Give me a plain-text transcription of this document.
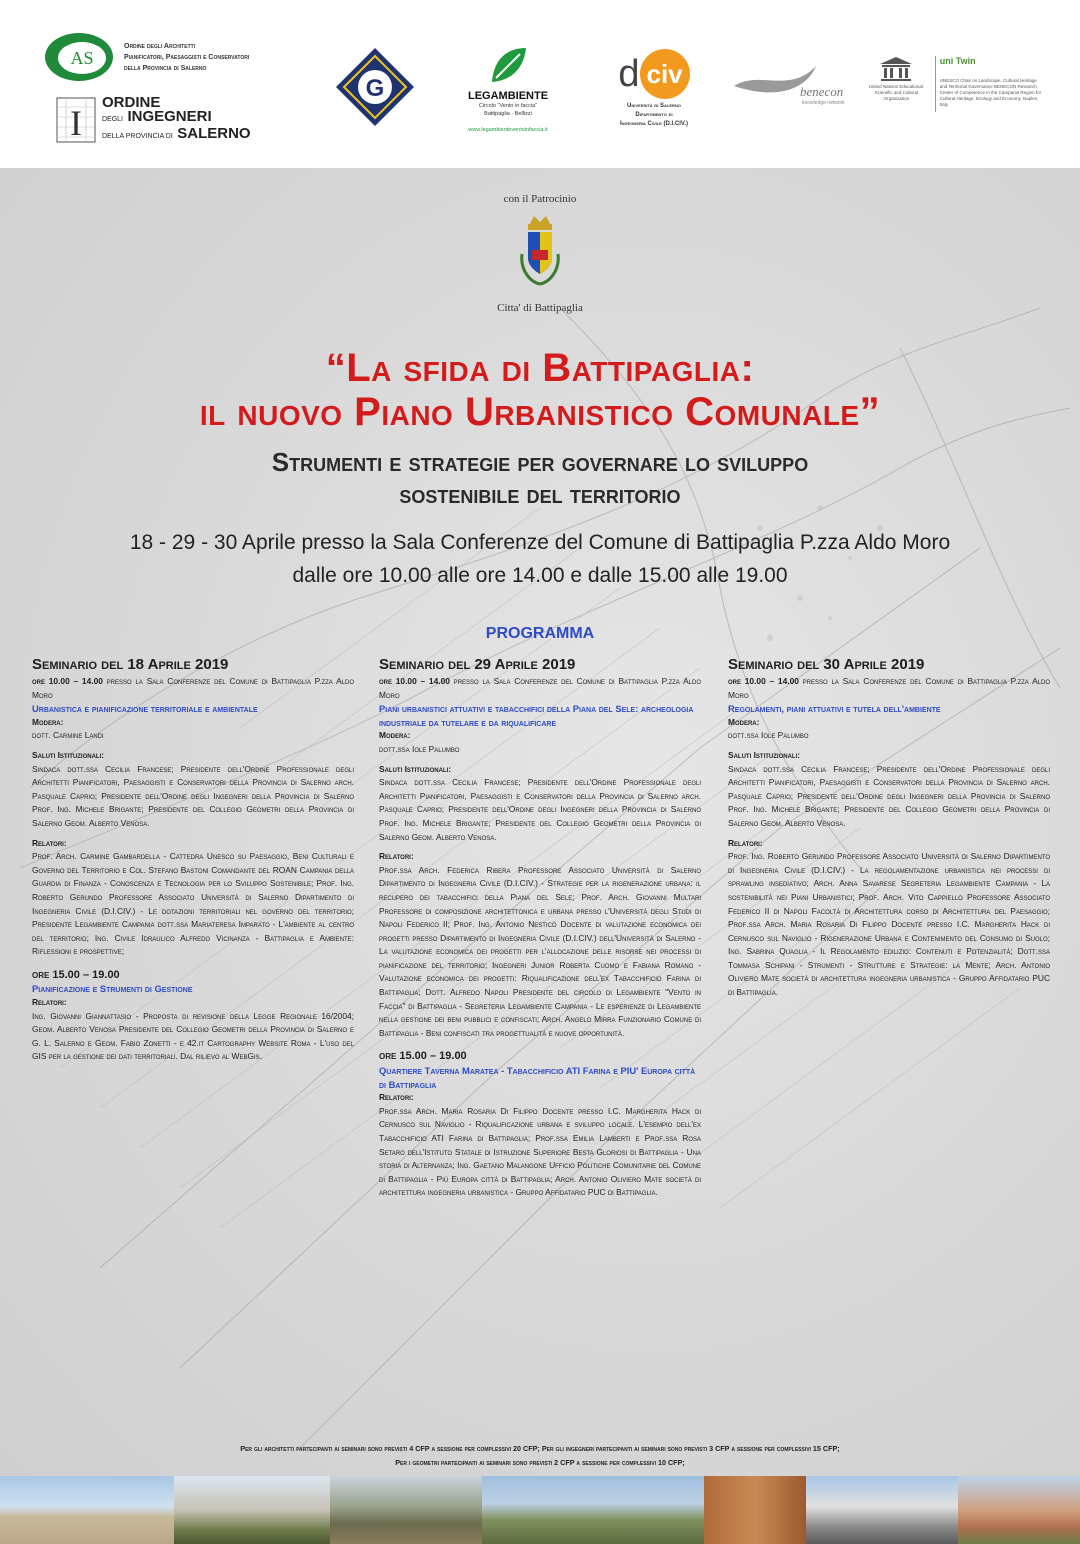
AS
Ordine degli Architetti
Pianificatori, Paesaggisti e Conservatori
della Provincia di Salerno
I
ORDINE
DEGLI INGEGNERI
DELLA PROVINCIA DI SALERNO
G	LEGAMBIENTE
Circolo "Vento in faccia"
Battipaglia - Bellizzi
www.legambienteventoinfaccia.it
d civ
Università di Salerno
Dipartimento di
Ingegneria Civile (D.I.CIV.)
benecon
knowledge network
United Nations Educational, Scientific and Cultural Organization
uni Twin
UNESCO Chair on Landscape, Cultural Heritage and Territorial Governance BENECON Research Center of Competence in the Campania Region for Cultural Heritage, Ecology and Economy, Naples, Italy
con il Patrocinio
Citta' di Battipaglia
“La sfida di Battipaglia:
il nuovo Piano Urbanistico Comunale”
Strumenti e strategie per governare lo sviluppo
sostenibile del territorio
18 - 29 - 30 Aprile presso la Sala Conferenze del Comune di Battipaglia P.zza Aldo Moro
dalle ore 10.00 alle ore 14.00 e dalle 15.00 alle 19.00
PROGRAMMA
Seminario del 18 Aprile 2019

ore 10.00 – 14.00 presso la Sala Conferenze del Comune di Battipaglia P.zza Aldo Moro

Urbanistica e pianificazione territoriale e ambientale
Modera:
dott. Carmine Landi
Saluti Istituzionali:

Sindaca dott.ssa Cecilia Francese; Presidente dell'Ordine Professionale degli Architetti Pianificatori, Paesaggisti e Conservatori della Provincia di Salerno arch. Pasquale Caprio; Presidente dell'Ordine degli Ingegneri della Provincia di Salerno Prof. Ing. Michele Brigante; Presidente del Collegio Geometri della Provincia di Salerno Geom. Alberto Venosa.

Relatori:

Prof. Arch. Carmine Gambardella - Cattedra Unesco su Paesaggio, Beni Culturali e Governo del Territorio e Col. Stefano Bastoni Comandante del ROAN Campania della Guardia di Finanza - Conoscenza e Tecnologia per lo Sviluppo Sostenibile; Prof. Ing. Roberto Gerundo Professore Associato Università di Salerno Dipartimento di Ingegneria Civile (D.I.CIV.) - Le dotazioni territoriali nel governo del territorio; Presidente Legambiente Campania dott.ssa Mariateresa Imparato - L'ambiente al centro del territorio; Ing. Civile Idraulico Alfredo Vicinanza - Battipaglia e Ambiente: Riflessioni e prospettive;

ore 15.00 – 19.00
Pianificazione e Strumenti di Gestione
Relatori:

Ing. Giovanni Giannattasio - Proposta di revisione della Legge Regionale 16/2004; Geom. Alberto Venosa Presidente del Collegio Geometri della Provincia di Salerno e G. L. Salerno e Geom. Fabio Zonetti - e 42.it Cartography Website Roma - L'uso del GIS per la gestione dei dati territoriali. Dal rilievo al WebGis.

Seminario del 29 Aprile 2019

ore 10.00 – 14.00 presso la Sala Conferenze del Comune di Battipaglia P.zza Aldo Moro

Piani urbanistici attuativi e tabacchifici della Piana del Sele: archeologia industriale da tutelare e da riqualificare
Modera:
dott.ssa Iole Palumbo
Saluti Istituzionali:

Sindaca dott.ssa Cecilia Francese; Presidente dell'Ordine Professionale degli Architetti Pianificatori, Paesaggisti e Conservatori della Provincia di Salerno arch. Pasquale Caprio; Presidente dell'Ordine degli Ingegneri della Provincia di Salerno Prof. Ing. Michele Brigante; Presidente del Collegio Geometri della Provincia di Salerno Geom. Alberto Venosa.

Relatori:

Prof.ssa Arch. Federica Ribera Professore Associato Università di Salerno Dipartimento di Ingegneria Civile (D.I.CIV.) - Strategie per la rigenerazione urbana: il recupero dei tabacchifici della Piana del Sele; Prof. Arch. Giovanni Multari Professore di composizione architettonica e urbana presso l'Università degli Studi di Napoli Federico II; Prof. Ing. Antonio Nesticò Docente di valutazione economica dei progetti presso Dipartimento di Ingegneria Civile (D.I.CIV.) dell'Università di Salerno - La valutazione economica dei progetti per l'allocazione delle risorse nei processi di pianificazione del territorio; Ingegneri Junior Roberta Cuomo e Fabiana Romano - Valutazione economica dei progetti: Riqualificazione dell'ex Tabacchificio Farina di Battipaglia; Dott. Alfredo Napoli Presidente del circolo di Legambiente "Vento in Faccia" di Battipaglia - Segreteria Legambiente Campania - Le esperienze di Legambiente nella gestione dei beni pubblici e confiscati; Arch. Angelo Mirra Funzionario Comune di Battipaglia - Beni confiscati tra progettualità e nuove opportunità.

ore 15.00 – 19.00
Quartiere Taverna Maratea - Tabacchificio ATI Farina e PIU' Europa città di Battipaglia
Relatori:

Prof.ssa Arch. Maria Rosaria Di Filippo Docente presso I.C. Margherita Hack di Cernusco sul Naviglio - Riqualificazione urbana e sviluppo locale. L'esempio dell'ex Tabacchificio ATI Farina di Battipaglia; Prof.ssa Emilia Lamberti e Prof.ssa Rosa Setaro dell'Istituto Statale di Istruzione Superiore Besta Gloriosi di Battipaglia - Una storia di Alternanza; Ing. Gaetano Malangone Ufficio Politiche Comunitarie del Comune di Battipaglia - Più Europa città di Battipaglia; Arch. Antonio Oliviero Mate società di architettura ingegneria urbanistica - Gruppo Affidatario PUC di Battipaglia.

Seminario del 30 Aprile 2019

ore 10.00 – 14.00 presso la Sala Conferenze del Comune di Battipaglia P.zza Aldo Moro

Regolamenti, piani attuativi e tutela dell'ambiente
Modera:
dott.ssa Iole Palumbo
Saluti Istituzionali:

Sindaca dott.ssa Cecilia Francese; Presidente dell'Ordine Professionale degli Architetti Pianificatori, Paesaggisti e Conservatori della Provincia di Salerno arch. Pasquale Caprio; Presidente dell'Ordine degli Ingegneri della Provincia di Salerno Prof. Ing. Michele Brigante; Presidente del Collegio Geometri della Provincia di Salerno Geom. Alberto Venosa.

Relatori:

Prof. Ing. Roberto Gerundo Professore Associato Università di Salerno Dipartimento di Ingegneria Civile (D.I.CIV.) - La regolamentazione urbanistica nei processi di sprawling insediativo; Arch. Anna Savarese Segreteria Legambiente Campania - La sostenibilità nei Piani Urbanistici; Prof. Arch. Vito Cappiello Professore Associato Federico II di Napoli Facoltà di Architettura corso di Architettura del Paesaggio; Prof.ssa Arch. Maria Rosaria Di Filippo Docente presso I.C. Margherita Hack di Cernusco sul Naviglio - Rigenerazione Urbana e Contenimento del Consumo di Suolo; Ing. Sabrina Quaglia - Il Regolamento edilizio: Contenuti e Potenzialità; Dott.ssa Tommasa Schipani - Strumenti - Strutture e Strategie: la Mente; Arch. Antonio Oliviero Mate società di architettura ingegneria urbanistica - Gruppo Affidatario PUC di Battipaglia.

Per gli architetti partecipanti ai seminari sono previsti 4 CFP a sessione per complessivi 20 CFP; Per gli ingegneri partecipanti ai seminari sono previsti 3 CFP a sessione per complessivi 15 CFP;
Per i geometri partecipanti ai seminari sono previsti 2 CFP a sessione per complessivi 10 CFP;
